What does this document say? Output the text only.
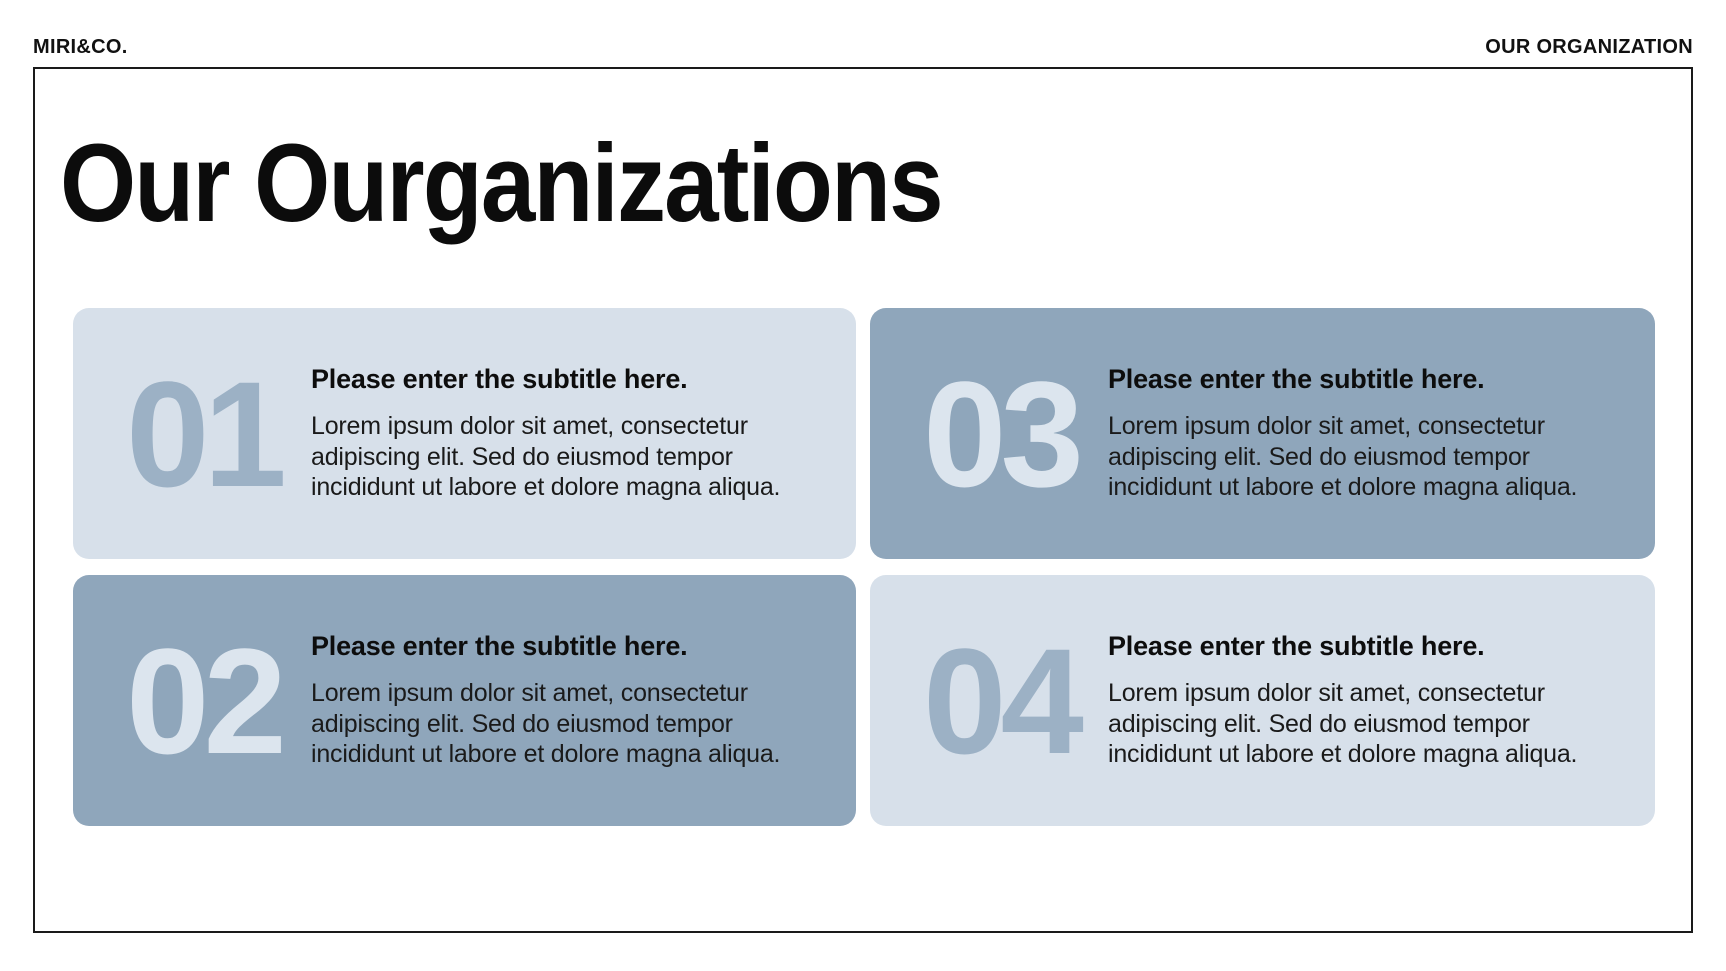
MIRI&CO.	OUR ORGANIZATION
Our Ourganizations
01	Please enter the subtitle here.
Lorem ipsum dolor sit amet, consectetur
adipiscing elit. Sed do eiusmod tempor
incididunt ut labore et dolore magna aliqua. 03	Please enter the subtitle here.
Lorem ipsum dolor sit amet, consectetur
adipiscing elit. Sed do eiusmod tempor
incididunt ut labore et dolore magna aliqua.
02	Please enter the subtitle here.
Lorem ipsum dolor sit amet, consectetur
adipiscing elit. Sed do eiusmod tempor
incididunt ut labore et dolore magna aliqua. 04	Please enter the subtitle here.
Lorem ipsum dolor sit amet, consectetur
adipiscing elit. Sed do eiusmod tempor
incididunt ut labore et dolore magna aliqua.
